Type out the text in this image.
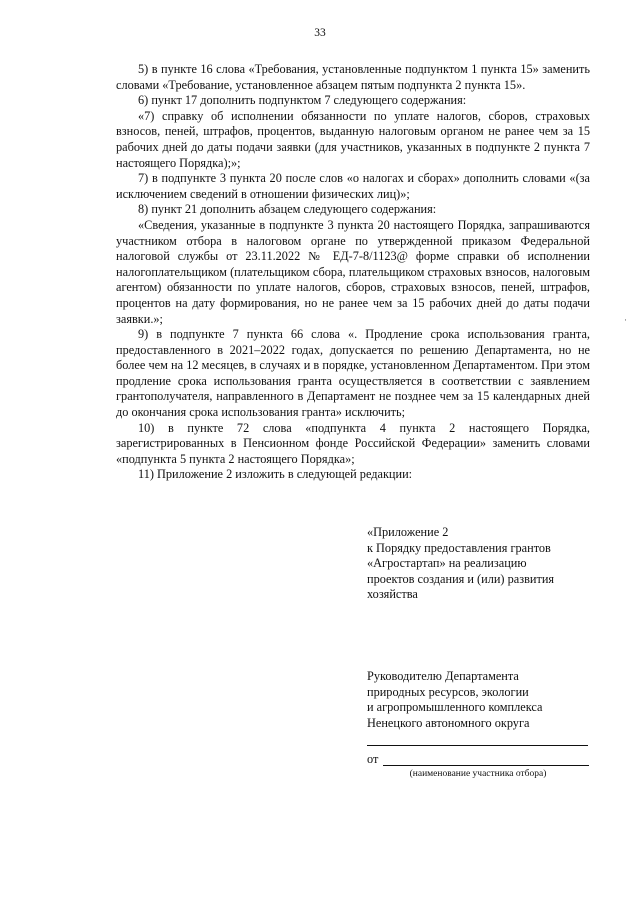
33

5) в пункте 16 слова «Требования, установленные подпунктом 1 пункта 15» заменить словами «Требование, установленное абзацем пятым подпункта 2 пункта 15».

6) пункт 17 дополнить подпунктом 7 следующего содержания:

«7) справку об исполнении обязанности по уплате налогов, сборов, страховых взносов, пеней, штрафов, процентов, выданную налоговым органом не ранее чем за 15 рабочих дней до даты подачи заявки (для участников, указанных в подпункте 2 пункта 7 настоящего Порядка);»;

7) в подпункте 3 пункта 20 после слов «о налогах и сборах» дополнить словами «(за исключением сведений в отношении физических лиц)»;

8) пункт 21 дополнить абзацем следующего содержания:

«Сведения, указанные в подпункте 3 пункта 20 настоящего Порядка, запрашиваются участником отбора в налоговом органе по утвержденной приказом Федеральной налоговой службы от 23.11.2022 № ЕД-7-8/1123@ форме справки об исполнении налогоплательщиком (плательщиком сбора, плательщиком страховых взносов, налоговым агентом) обязанности по уплате налогов, сборов, страховых взносов, пеней, штрафов, процентов на дату формирования, но не ранее чем за 15 рабочих дней до даты подачи заявки.»;

9) в подпункте 7 пункта 66 слова «. Продление срока использования гранта, предоставленного в 2021–2022 годах, допускается по решению Департамента, но не более чем на 12 месяцев, в случаях и в порядке, установленном Департаментом. При этом продление срока использования гранта осуществляется в соответствии с заявлением грантополучателя, направленного в Департамент не позднее чем за 15 календарных дней до окончания срока использования гранта» исключить;

10) в пункте 72 слова «подпункта 4 пункта 2 настоящего Порядка, зарегистрированных в Пенсионном фонде Российской Федерации» заменить словами «подпункта 5 пункта 2 настоящего Порядка»;

11) Приложение 2 изложить в следующей редакции:

«Приложение 2
к Порядку предоставления грантов
«Агростартап» на реализацию
проектов создания и (или) развития
хозяйства
Руководителю Департамента
природных ресурсов, экологии
и агропромышленного комплекса
Ненецкого автономного округа
от
(наименование участника отбора)
·
